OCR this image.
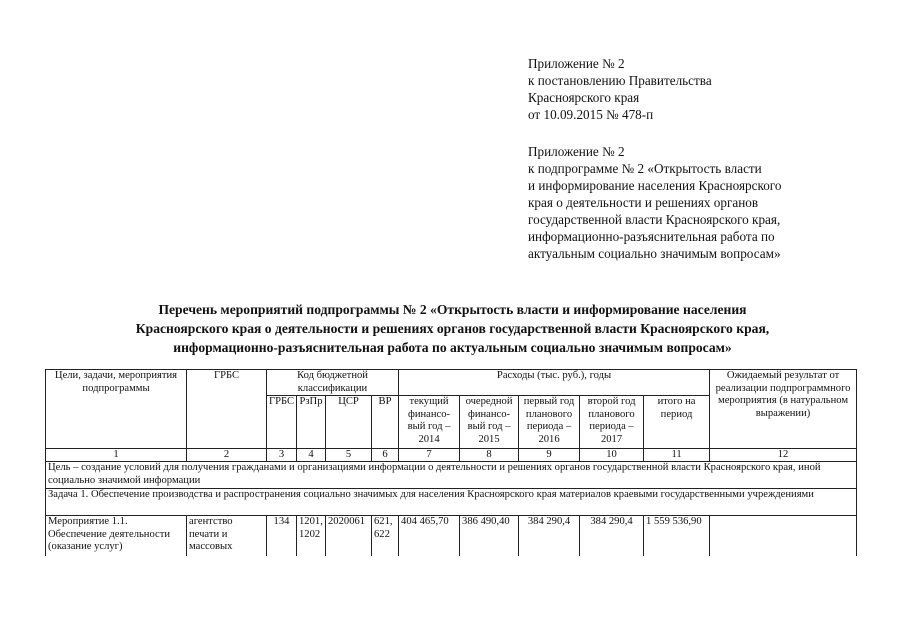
Приложение № 2
к постановлению Правительства
Красноярского края
от 10.09.2015 № 478-п
Приложение № 2
к подпрограмме № 2 «Открытость власти
и информирование населения Красноярского
края о деятельности и решениях органов
государственной власти Красноярского края,
информационно-разъяснительная работа по
актуальным социально значимым вопросам»
Перечень мероприятий подпрограммы № 2 «Открытость власти и информирование населения
Красноярского края о деятельности и решениях органов государственной власти Красноярского края,
информационно-разъяснительная работа по актуальным социально значимым вопросам»
Цели, задачи, мероприятия подпрограммы	ГРБС	Код бюджетной классификации				Расходы (тыс. руб.), годы					Ожидаемый результат от реализации подпрограммного мероприятия (в натуральном выражении)
		ГРБС	РзПр	ЦСР	ВР	текущий финансо-вый год – 2014	очередной финансо-вый год – 2015	первый год планового периода – 2016	второй год планового периода – 2017	итого на период	
1	2	3	4	5	6	7	8	9	10	11	12
Цель – создание условий для получения гражданами и организациями информации о деятельности и решениях органов государственной власти Красноярского края, иной социально значимой информации											
Задача 1. Обеспечение производства и распространения социально значимых для населения Красноярского края материалов краевыми государственными учреждениями											
Мероприятие 1.1. Обеспечение деятельности (оказание услуг)	агентство печати и массовых	134	1201, 1202	2020061	621, 622	404 465,70	386 490,40	384 290,4	384 290,4	1 559 536,90	
